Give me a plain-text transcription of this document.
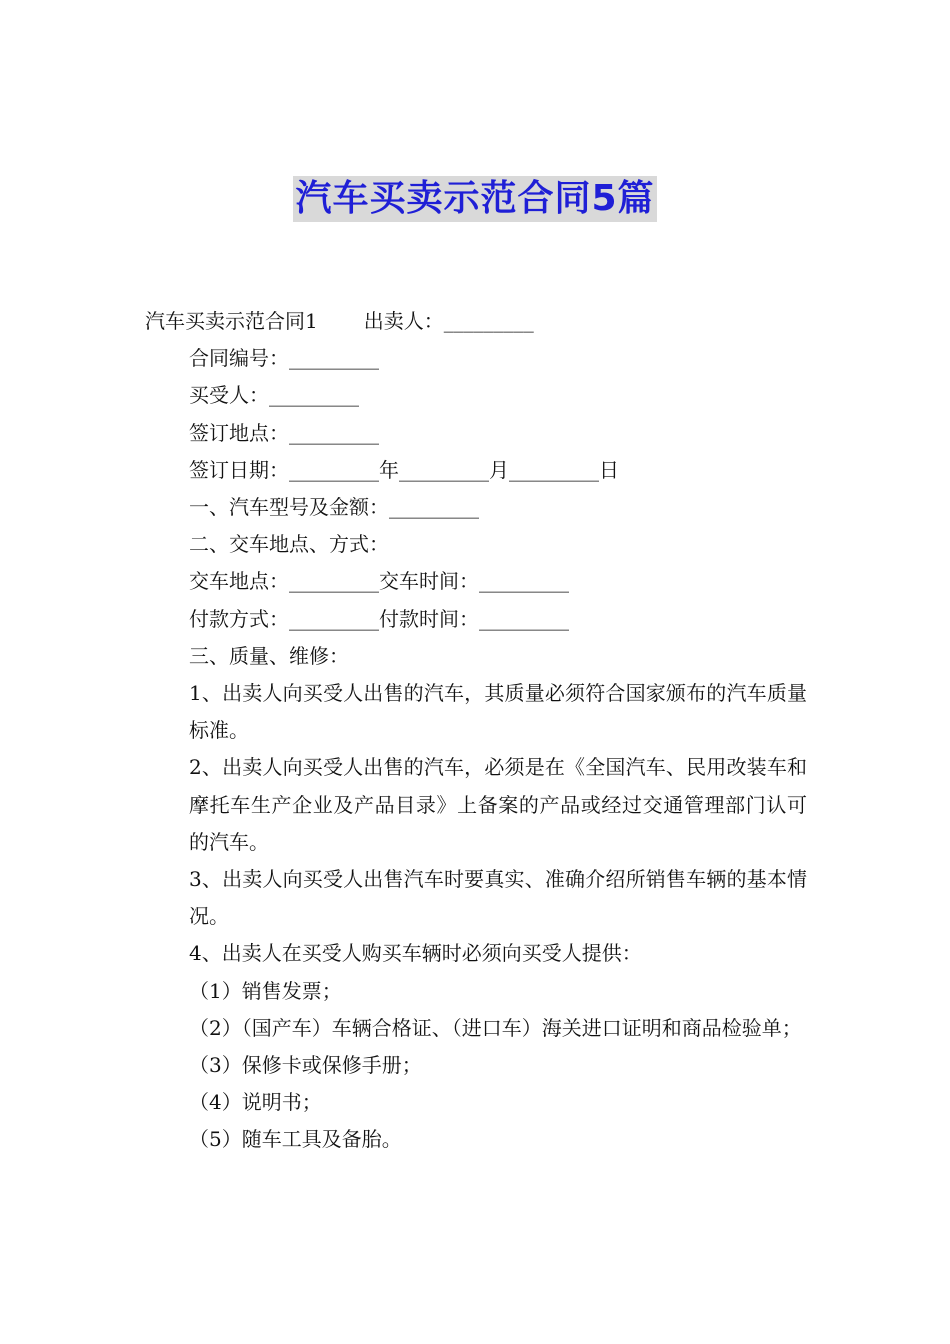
汽车买卖示范合同5篇

汽车买卖示范合同1 出卖人：_________

合同编号：_________

买受人：_________

签订地点：_________

签订日期：_________年_________月_________日

一、汽车型号及金额：_________

二、交车地点、方式：

交车地点：_________交车时间：_________

付款方式：_________付款时间：_________

三、质量、维修：

1、出卖人向买受人出售的汽车，其质量必须符合国家颁布的汽车质量标准。

2、出卖人向买受人出售的汽车，必须是在《全国汽车、民用改装车和摩托车生产企业及产品目录》上备案的产品或经过交通管理部门认可的汽车。

3、出卖人向买受人出售汽车时要真实、准确介绍所销售车辆的基本情况。

4、出卖人在买受人购买车辆时必须向买受人提供：

（1）销售发票；

（2）（国产车）车辆合格证、（进口车）海关进口证明和商品检验单；

（3）保修卡或保修手册；

（4）说明书；

（5）随车工具及备胎。
